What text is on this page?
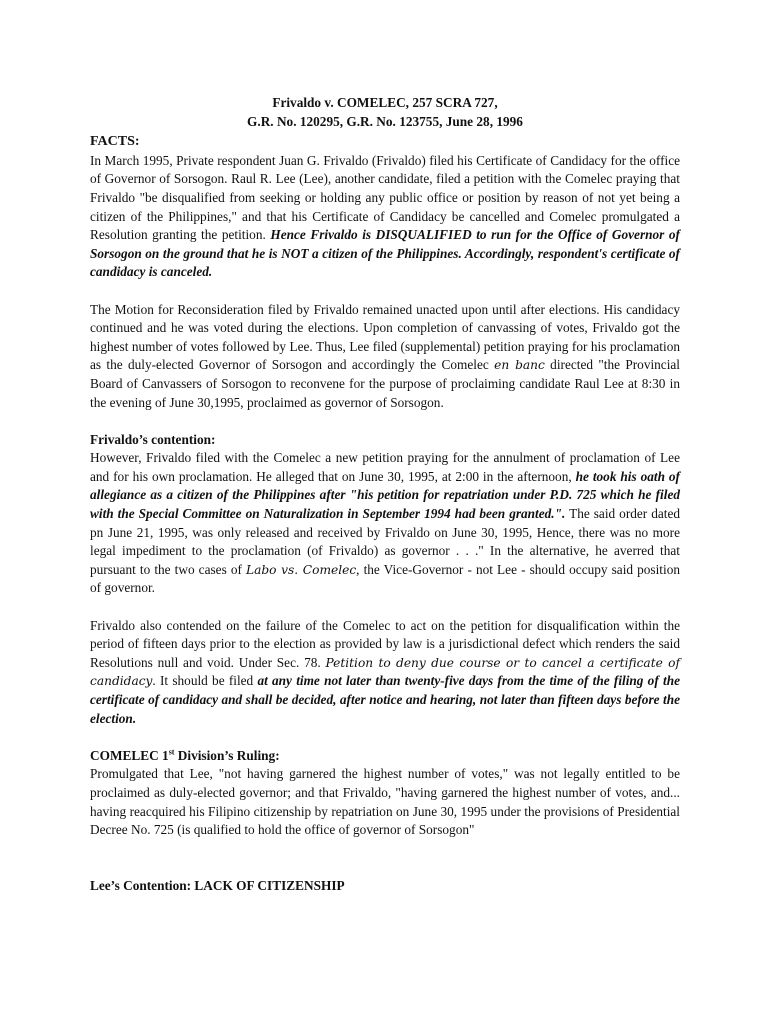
Frivaldo v. COMELEC, 257 SCRA 727,
G.R. No. 120295, G.R. No. 123755, June 28, 1996
FACTS:

In March 1995, Private respondent Juan G. Frivaldo (Frivaldo) filed his Certificate of Candidacy for the office of Governor of Sorsogon. Raul R. Lee (Lee), another candidate, filed a petition with the Comelec praying that Frivaldo "be disqualified from seeking or holding any public office or position by reason of not yet being a citizen of the Philippines," and that his Certificate of Candidacy be cancelled and Comelec promulgated a Resolution granting the petition. Hence Frivaldo is DISQUALIFIED to run for the Office of Governor of Sorsogon on the ground that he is NOT a citizen of the Philippines. Accordingly, respondent's certificate of candidacy is canceled.

The Motion for Reconsideration filed by Frivaldo remained unacted upon until after elections. His candidacy continued and he was voted during the elections. Upon completion of canvassing of votes, Frivaldo got the highest number of votes followed by Lee. Thus, Lee filed (supplemental) petition praying for his proclamation as the duly-elected Governor of Sorsogon and accordingly the Comelec en banc directed "the Provincial Board of Canvassers of Sorsogon to reconvene for the purpose of proclaiming candidate Raul Lee at 8:30 in the evening of June 30,1995, proclaimed as governor of Sorsogon.

Frivaldo’s contention:

However, Frivaldo filed with the Comelec a new petition praying for the annulment of proclamation of Lee and for his own proclamation. He alleged that on June 30, 1995, at 2:00 in the afternoon, he took his oath of allegiance as a citizen of the Philippines after "his petition for repatriation under P.D. 725 which he filed with the Special Committee on Naturalization in September 1994 had been granted.". The said order dated pn June 21, 1995, was only released and received by Frivaldo on June 30, 1995, Hence, there was no more legal impediment to the proclamation (of Frivaldo) as governor . . ." In the alternative, he averred that pursuant to the two cases of Labo vs. Comelec, the Vice-Governor - not Lee - should occupy said position of governor.

Frivaldo also contended on the failure of the Comelec to act on the petition for disqualification within the period of fifteen days prior to the election as provided by law is a jurisdictional defect which renders the said Resolutions null and void. Under Sec. 78. Petition to deny due course or to cancel a certificate of candidacy. It should be filed at any time not later than twenty-five days from the time of the filing of the certificate of candidacy and shall be decided, after notice and hearing, not later than fifteen days before the election.

COMELEC 1st Division’s Ruling:

Promulgated that Lee, "not having garnered the highest number of votes," was not legally entitled to be proclaimed as duly-elected governor; and that Frivaldo, "having garnered the highest number of votes, and... having reacquired his Filipino citizenship by repatriation on June 30, 1995 under the provisions of Presidential Decree No. 725 (is qualified to hold the office of governor of Sorsogon"

Lee’s Contention: LACK OF CITIZENSHIP
